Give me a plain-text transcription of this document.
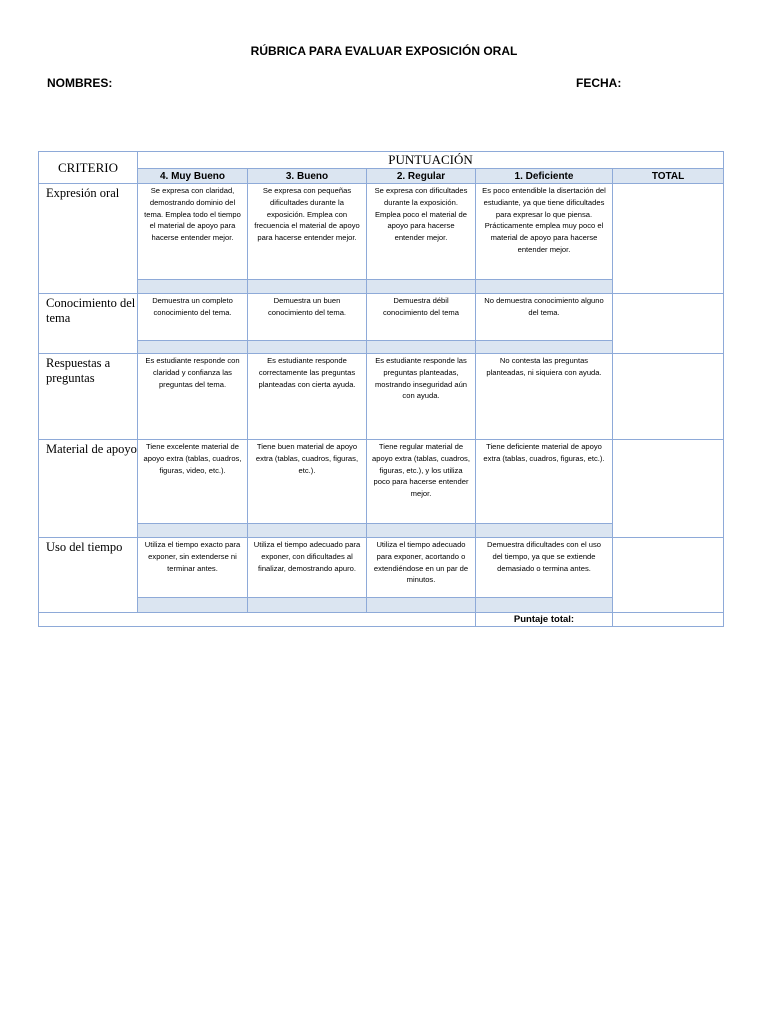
RÚBRICA PARA EVALUAR EXPOSICIÓN ORAL
NOMBRES:	FECHA:
CRITERIO	PUNTUACIÓN				
	4. Muy Bueno	3. Bueno	2. Regular	1. Deficiente	TOTAL
Expresión oral	Se expresa con claridad, demostrando dominio del tema. Emplea todo el tiempo el material de apoyo para hacerse entender mejor.	Se expresa con pequeñas dificultades durante la exposición. Emplea con frecuencia el material de apoyo para hacerse entender mejor.	Se expresa con dificultades durante la exposición. Emplea poco el material de apoyo para hacerse entender mejor.	Es poco entendible la disertación del estudiante, ya que tiene dificultades para expresar lo que piensa. Prácticamente emplea muy poco el material de apoyo para hacerse entender mejor.	

Conocimiento del tema	Demuestra un completo conocimiento del tema.	Demuestra un buen conocimiento del tema.	Demuestra débil conocimiento del tema	No demuestra conocimiento alguno del tema.	

Respuestas a preguntas	Es estudiante responde con claridad y confianza las preguntas del tema.	Es estudiante responde correctamente las preguntas planteadas con cierta ayuda.	Es estudiante responde las preguntas planteadas, mostrando inseguridad aún con ayuda.	No contesta las preguntas planteadas, ni siquiera con ayuda.	
Material de apoyo	Tiene excelente material de apoyo extra (tablas, cuadros, figuras, video, etc.).	Tiene buen material de apoyo extra (tablas, cuadros, figuras, etc.).	Tiene regular material de apoyo extra (tablas, cuadros, figuras, etc.), y los utiliza poco para hacerse entender mejor.	Tiene deficiente material de apoyo extra (tablas, cuadros, figuras, etc.).	

Uso del tiempo	Utiliza el tiempo exacto para exponer, sin extenderse ni terminar antes.	Utiliza el tiempo adecuado para exponer, con dificultades al finalizar, demostrando apuro.	Utiliza el tiempo adecuado para exponer, acortando o extendiéndose en un par de minutos.	Demuestra dificultades con el uso del tiempo, ya que se extiende demasiado o termina antes.	

				Puntaje total:	
